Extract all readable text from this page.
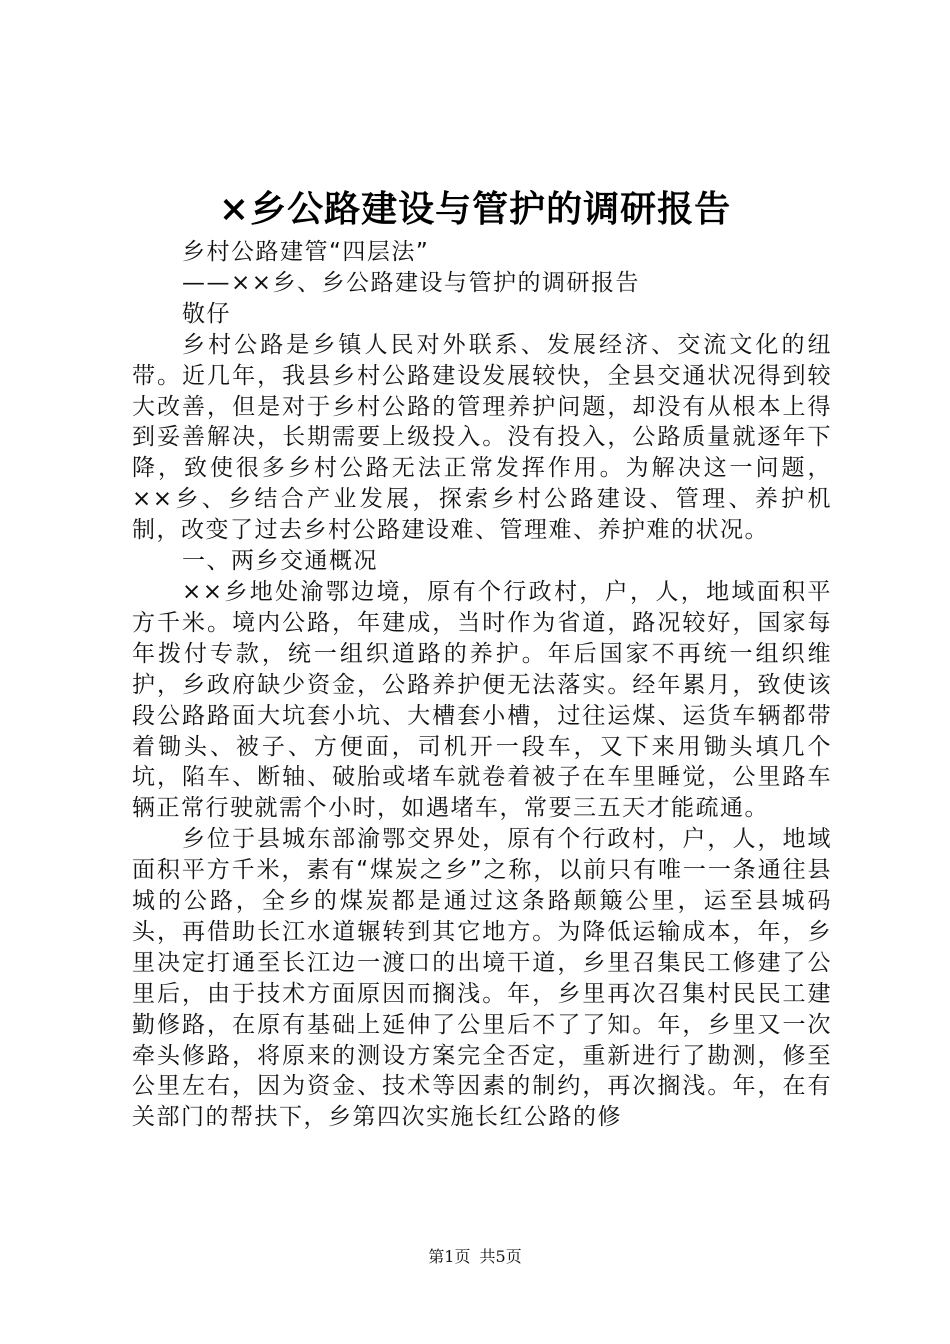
×乡公路建设与管护的调研报告

乡村公路建管“四层法”

——××乡、乡公路建设与管护的调研报告

敬仔

乡村公路是乡镇人民对外联系、发展经济、交流文化的纽带。近几年，我县乡村公路建设发展较快，全县交通状况得到较大改善，但是对于乡村公路的管理养护问题，却没有从根本上得到妥善解决，长期需要上级投入。没有投入，公路质量就逐年下降，致使很多乡村公路无法正常发挥作用。为解决这一问题，××乡、乡结合产业发展，探索乡村公路建设、管理、养护机制，改变了过去乡村公路建设难、管理难、养护难的状况。

一、两乡交通概况

××乡地处渝鄂边境，原有个行政村，户，人，地域面积平方千米。境内公路，年建成，当时作为省道，路况较好，国家每年拨付专款，统一组织道路的养护。年后国家不再统一组织维护，乡政府缺少资金，公路养护便无法落实。经年累月，致使该段公路路面大坑套小坑、大槽套小槽，过往运煤、运货车辆都带着锄头、被子、方便面，司机开一段车，又下来用锄头填几个坑，陷车、断轴、破胎或堵车就卷着被子在车里睡觉，公里路车辆正常行驶就需个小时，如遇堵车，常要三五天才能疏通。

乡位于县城东部渝鄂交界处，原有个行政村，户，人，地域面积平方千米，素有“煤炭之乡”之称，以前只有唯一一条通往县城的公路，全乡的煤炭都是通过这条路颠簸公里，运至县城码头，再借助长江水道辗转到其它地方。为降低运输成本，年，乡里决定打通至长江边一渡口的出境干道，乡里召集民工修建了公里后，由于技术方面原因而搁浅。年，乡里再次召集村民民工建勤修路，在原有基础上延伸了公里后不了了知。年，乡里又一次牵头修路，将原来的测设方案完全否定，重新进行了勘测，修至公里左右，因为资金、技术等因素的制约，再次搁浅。年，在有关部门的帮扶下，乡第四次实施长红公路的修

第1页 共5页
